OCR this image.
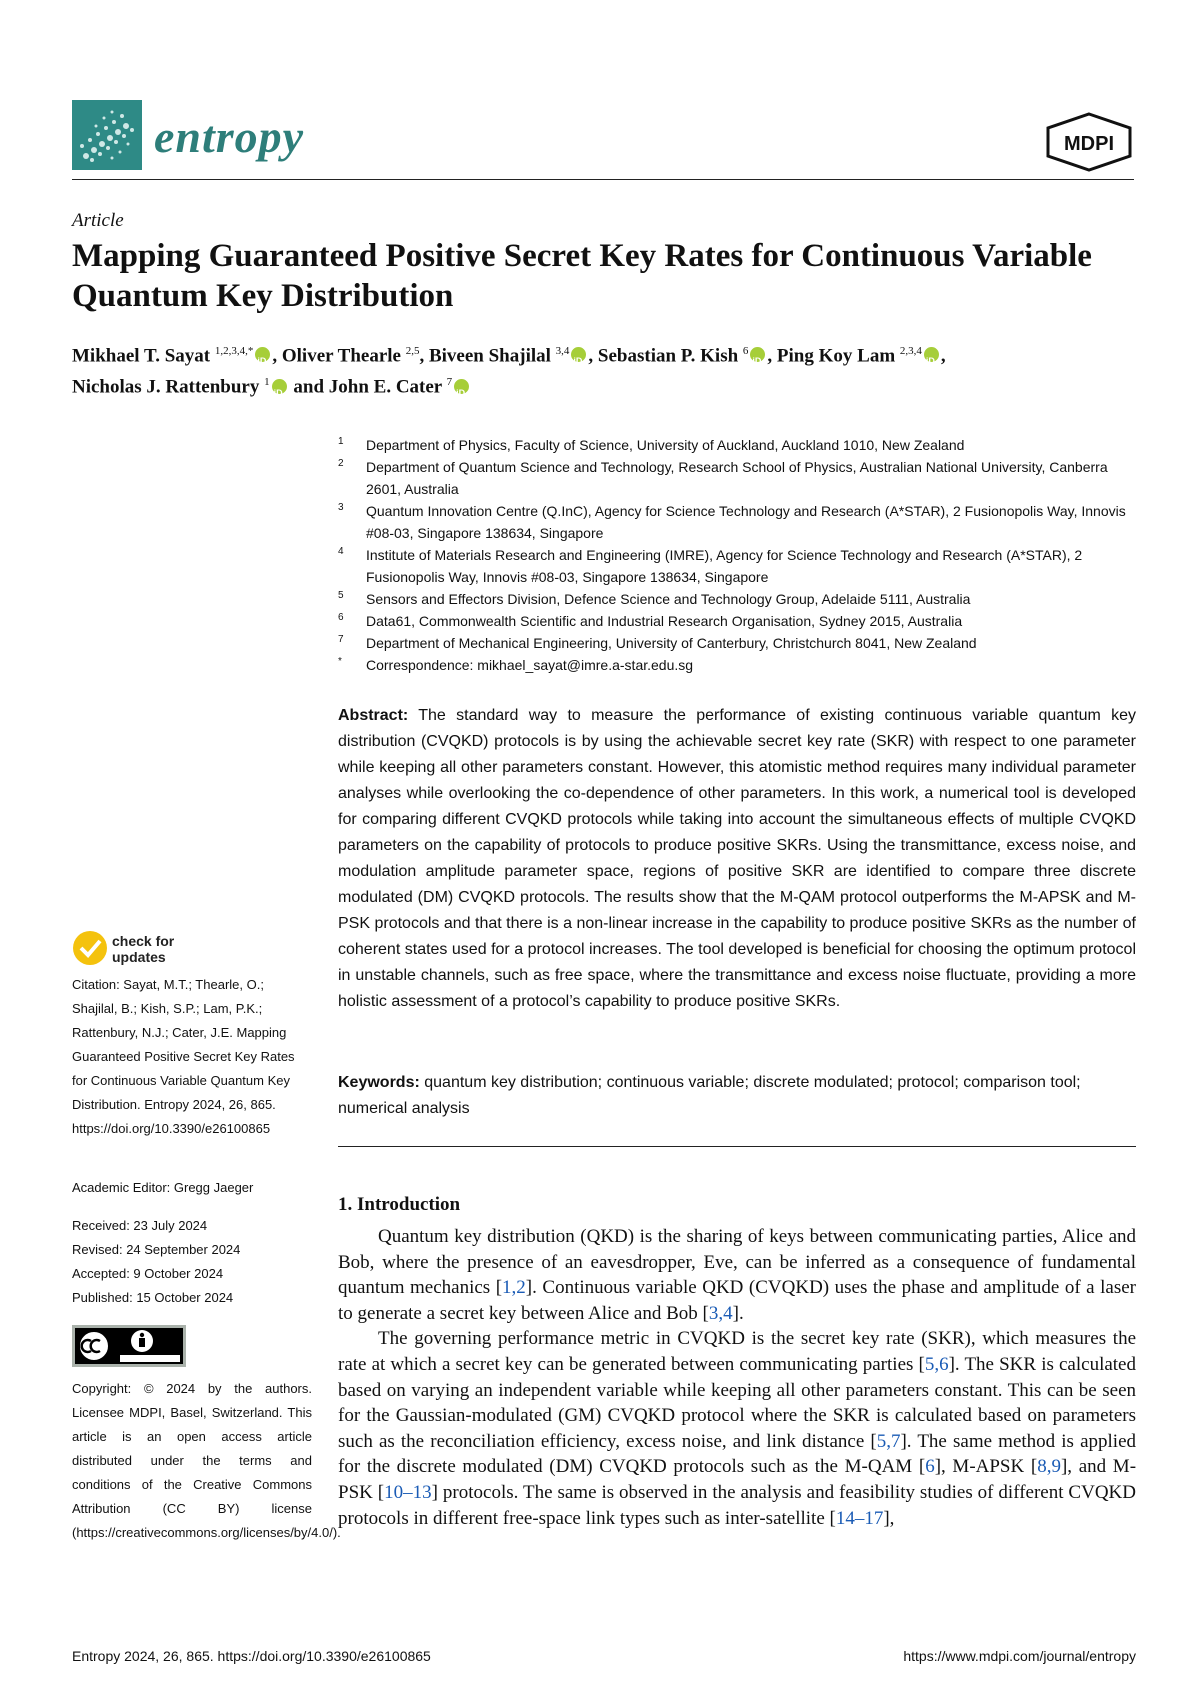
entropy	MDPI
Article
Mapping Guaranteed Positive Secret Key Rates for Continuous Variable Quantum Key Distribution
Mikhael T. Sayat $^{1,2,3,4,*}$ iD , Oliver Thearle $^{2,5}$, Biveen Shajilal $^{3,4}$ iD , Sebastian P. Kish $^6$ iD , Ping Koy Lam $^{2,3,4}$ iD ,
Nicholas J. Rattenbury $^1$iD and John E. Cater $^7$iD
1 Department of Physics, Faculty of Science, University of Auckland, Auckland 1010, New Zealand
2 Department of Quantum Science and Technology, Research School of Physics, Australian National University, Canberra 2601, Australia
3 Quantum Innovation Centre (Q.InC), Agency for Science Technology and Research (A*STAR), 2 Fusionopolis Way, Innovis #08-03, Singapore 138634, Singapore
4 Institute of Materials Research and Engineering (IMRE), Agency for Science Technology and Research (A*STAR), 2 Fusionopolis Way, Innovis #08-03, Singapore 138634, Singapore
5 Sensors and Effectors Division, Defence Science and Technology Group, Adelaide 5111, Australia
6 Data61, Commonwealth Scientific and Industrial Research Organisation, Sydney 2015, Australia
7 Department of Mechanical Engineering, University of Canterbury, Christchurch 8041, New Zealand
* Correspondence: mikhael_sayat@imre.a-star.edu.sg
Abstract: The standard way to measure the performance of existing continuous variable quantum key distribution (CVQKD) protocols is by using the achievable secret key rate (SKR) with respect to one parameter while keeping all other parameters constant. However, this atomistic method requires many individual parameter analyses while overlooking the co-dependence of other parameters. In this work, a numerical tool is developed for comparing different CVQKD protocols while taking into account the simultaneous effects of multiple CVQKD parameters on the capability of protocols to produce positive SKRs. Using the transmittance, excess noise, and modulation amplitude parameter space, regions of positive SKR are identified to compare three discrete modulated (DM) CVQKD protocols. The results show that the M-QAM protocol outperforms the M-APSK and M-PSK protocols and that there is a non-linear increase in the capability to produce positive SKRs as the number of coherent states used for a protocol increases. The tool developed is beneficial for choosing the optimum protocol in unstable channels, such as free space, where the transmittance and excess noise fluctuate, providing a more holistic assessment of a protocol’s capability to produce positive SKRs.
Keywords: quantum key distribution; continuous variable; discrete modulated; protocol; comparison tool; numerical analysis
check for
updates
Citation: Sayat, M.T.; Thearle, O.; Shajilal, B.; Kish, S.P.; Lam, P.K.; Rattenbury, N.J.; Cater, J.E. Mapping Guaranteed Positive Secret Key Rates for Continuous Variable Quantum Key Distribution. Entropy 2024, 26, 865. https://doi.org/10.3390/e26100865
Academic Editor: Gregg Jaeger
Received: 23 July 2024
Revised: 24 September 2024
Accepted: 9 October 2024
Published: 15 October 2024
Copyright: © 2024 by the authors. Licensee MDPI, Basel, Switzerland. This article is an open access article distributed under the terms and conditions of the Creative Commons Attribution (CC BY) license (https://creativecommons.org/licenses/by/4.0/).
1. Introduction

Quantum key distribution (QKD) is the sharing of keys between communicating parties, Alice and Bob, where the presence of an eavesdropper, Eve, can be inferred as a consequence of fundamental quantum mechanics [1,2]. Continuous variable QKD (CVQKD) uses the phase and amplitude of a laser to generate a secret key between Alice and Bob [3,4].

The governing performance metric in CVQKD is the secret key rate (SKR), which measures the rate at which a secret key can be generated between communicating parties [5,6]. The SKR is calculated based on varying an independent variable while keeping all other parameters constant. This can be seen for the Gaussian-modulated (GM) CVQKD protocol where the SKR is calculated based on parameters such as the reconciliation efficiency, excess noise, and link distance [5,7]. The same method is applied for the discrete modulated (DM) CVQKD protocols such as the M-QAM [6], M-APSK [8,9], and M-PSK [10–13] protocols. The same is observed in the analysis and feasibility studies of different CVQKD protocols in different free-space link types such as inter-satellite [14–17],

Entropy 2024, 26, 865. https://doi.org/10.3390/e26100865	https://www.mdpi.com/journal/entropy
